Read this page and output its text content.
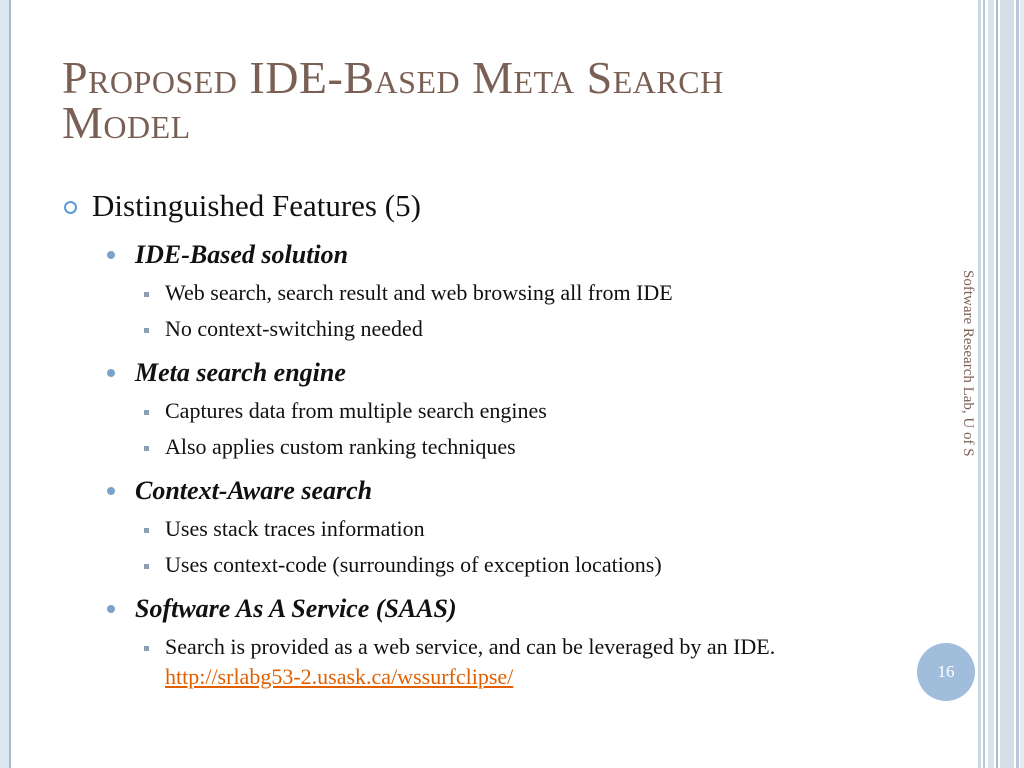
Proposed IDE-Based Meta Search
Model
Distinguished Features (5)
IDE-Based solution
Web search, search result and web browsing all from IDE
No context-switching needed
Meta search engine
Captures data from multiple search engines
Also applies custom ranking techniques
Context-Aware search
Uses stack traces information
Uses context-code (surroundings of exception locations)
Software As A Service (SAAS)
Search is provided as a web service, and can be leveraged by an IDE. http://srlabg53-2.usask.ca/wssurfclipse/
Software Research Lab, U of S
16
